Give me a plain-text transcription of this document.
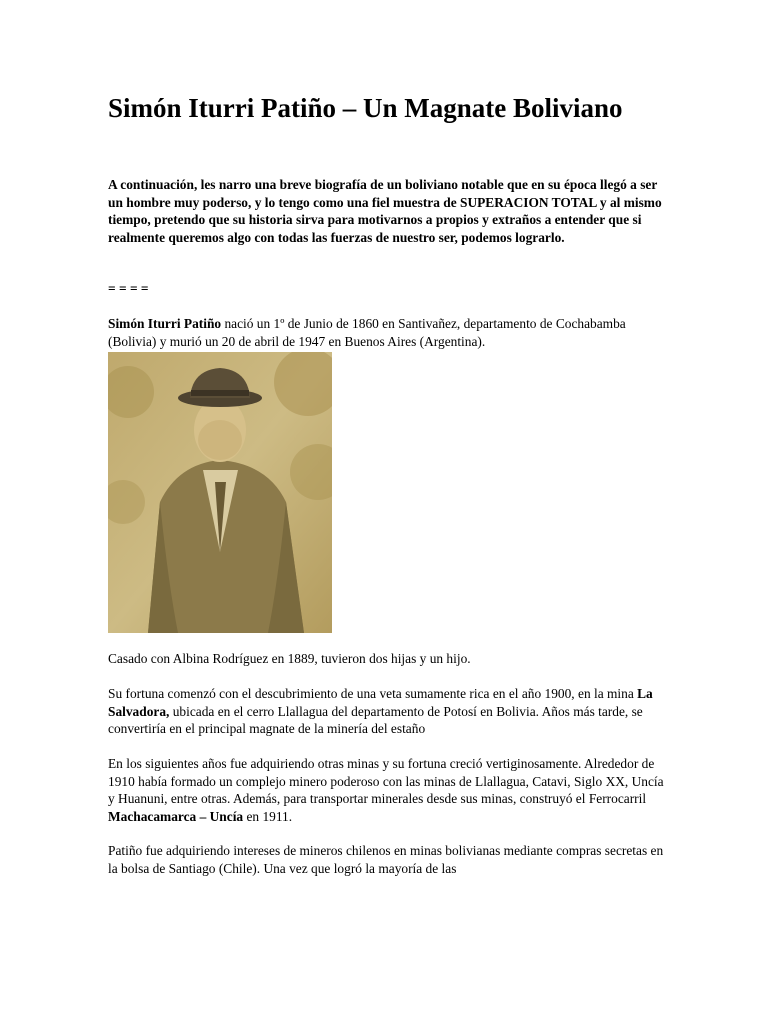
Simón Iturri Patiño – Un Magnate Boliviano

A continuación, les narro una breve biografía de un boliviano notable que en su época llegó a ser un hombre muy poderso, y lo tengo como una fiel muestra de SUPERACION TOTAL y al mismo tiempo, pretendo que su historia sirva para motivarnos a propios y extraños a entender que si realmente queremos algo con todas las fuerzas de nuestro ser, podemos lograrlo.

= = = =

Simón Iturri Patiño nació un 1º de Junio de 1860 en Santivañez, departamento de Cochabamba (Bolivia) y murió un 20 de abril de 1947 en Buenos Aires (Argentina).

Casado con Albina Rodríguez en 1889, tuvieron dos hijas y un hijo.

Su fortuna comenzó con el descubrimiento de una veta sumamente rica en el año 1900, en la mina La Salvadora, ubicada en el cerro Llallagua del departamento de Potosí en Bolivia. Años más tarde, se convertiría en el principal magnate de la minería del estaño

En los siguientes años fue adquiriendo otras minas y su fortuna creció vertiginosamente. Alrededor de 1910 había formado un complejo minero poderoso con las minas de Llallagua, Catavi, Siglo XX, Uncía y Huanuni, entre otras. Además, para transportar minerales desde sus minas, construyó el Ferrocarril Machacamarca – Uncía en 1911.

Patiño fue adquiriendo intereses de mineros chilenos en minas bolivianas mediante compras secretas en la bolsa de Santiago (Chile). Una vez que logró la mayoría de las
